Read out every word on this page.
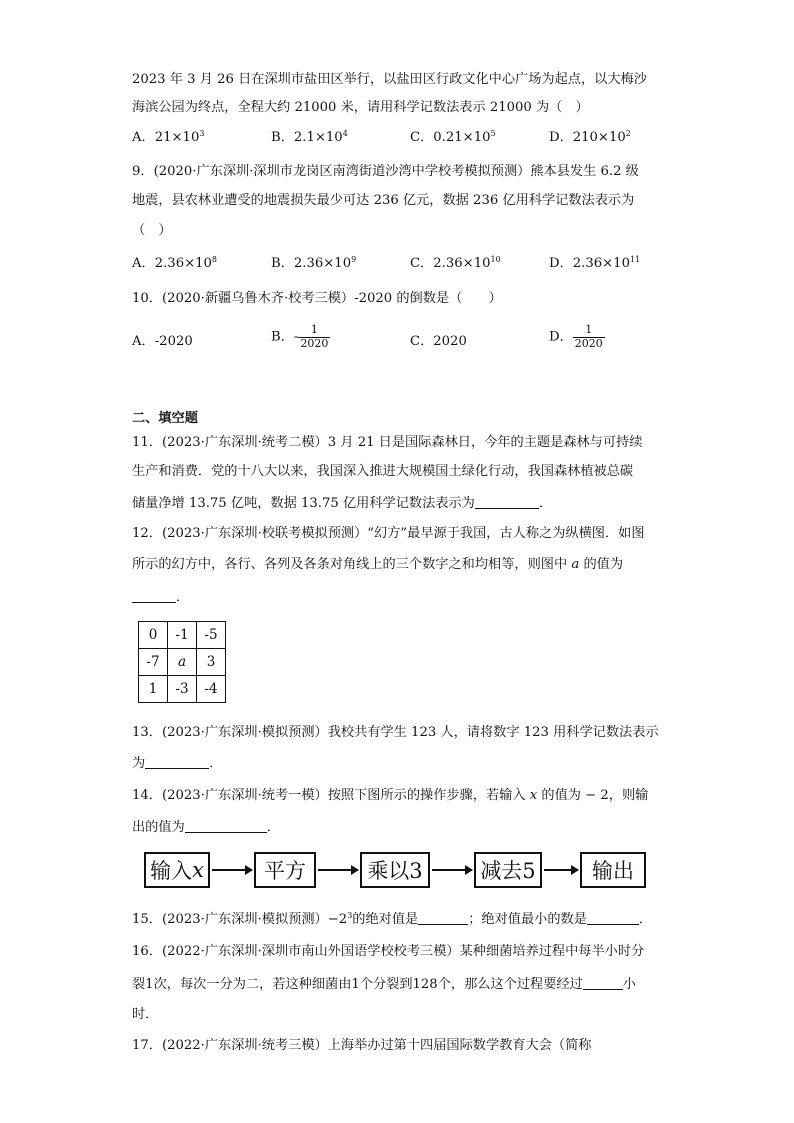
2023 年 3 月 26 日在深圳市盐田区举行，以盐田区行政文化中心广场为起点，以大梅沙
海滨公园为终点，全程大约 21000 米，请用科学记数法表示 21000 为（　）
A．$21\times 10^3$	B．$2.1\times 10^4$	C．$0.21\times 10^5$	D．$210\times 10^2$
9．(2020·广东深圳·深圳市龙岗区南湾街道沙湾中学校考模拟预测）熊本县发生 6.2 级
地震，县农林业遭受的地震损失最少可达 236 亿元，数据 236 亿用科学记数法表示为
（　）
A．$2.36\times 10^8$	B．$2.36\times 10^9$	C．$2.36\times 10^{10}$	D．$2.36\times 10^{11}$
10．(2020·新疆乌鲁木齐·校考三模）-2020 的倒数是（　　）
A．-2020	B．- $\frac{1}{2020}$	C．2020	D． $\frac{1}{2020}$
二、填空题
11．(2023·广东深圳·统考二模）3 月 21 日是国际森林日，今年的主题是森林与可持续
生产和消费．党的十八大以来，我国深入推进大规模国土绿化行动，我国森林植被总碳
储量净增 13.75 亿吨，数据 13.75 亿用科学记数法表示为	．
12．(2023·广东深圳·校联考模拟预测）“幻方”最早源于我国，古人称之为纵横图．如图
所示的幻方中，各行、各列及各条对角线上的三个数字之和均相等，则图中 a 的值为
．
0	-1	-5
-7	a	3
1	-3	-4
13．(2023·广东深圳·模拟预测）我校共有学生 123 人，请将数字 123 用科学记数法表示
为	．
14．(2023·广东深圳·统考一模）按照下图所示的操作步骤，若输入 x 的值为 − 2，则输
出的值为	．
输入 x	平方	乘以3	减去5	输出
15．(2023·广东深圳·模拟预测）$-2^3$的绝对值是	；绝对值最小的数是	．
16．(2022·广东深圳·深圳市南山外国语学校校考三模）某种细菌培养过程中每半小时分
裂1次，每次一分为二，若这种细菌由1个分裂到128个，那么这个过程要经过	小
时．
17．(2022·广东深圳·统考三模）上海举办过第十四届国际数学教育大会（简称
